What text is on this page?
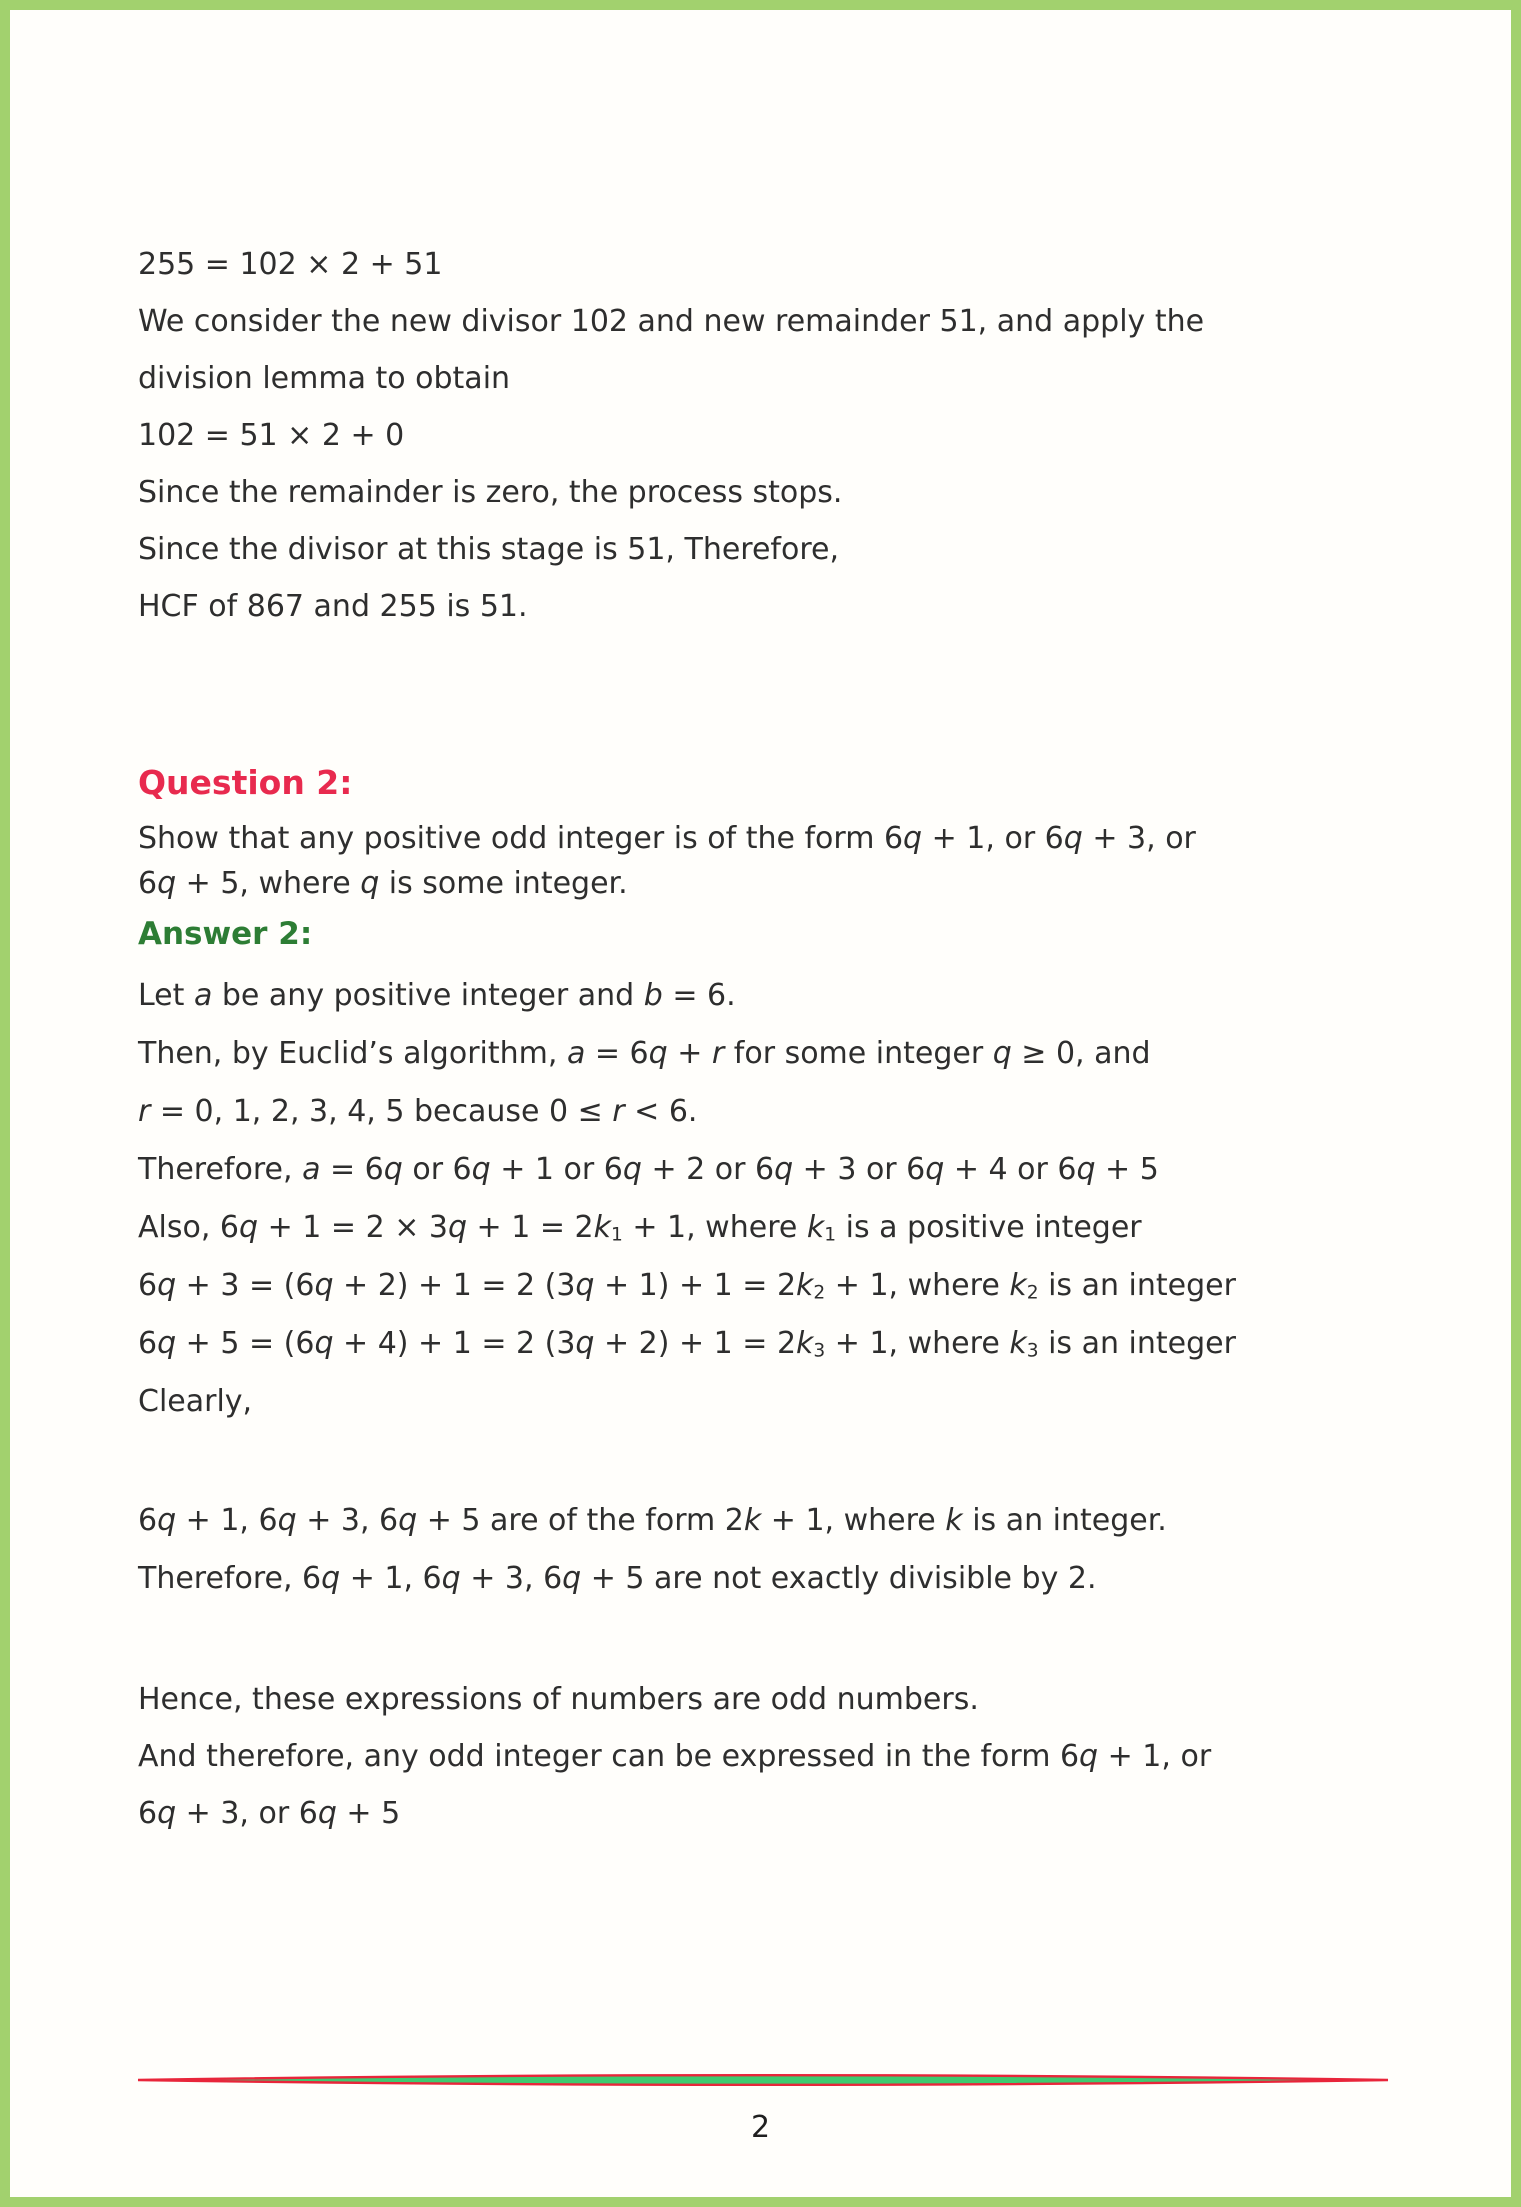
255 = 102 × 2 + 51

We consider the new divisor 102 and new remainder 51, and apply the

division lemma to obtain

102 = 51 × 2 + 0

Since the remainder is zero, the process stops.

Since the divisor at this stage is 51, Therefore,

HCF of 867 and 255 is 51.

Question 2:

Show that any positive odd integer is of the form 6q + 1, or 6q + 3, or

6q + 5, where q is some integer.

Answer 2:

Let a be any positive integer and b = 6.

Then, by Euclid’s algorithm, a = 6q + r for some integer q ≥ 0, and

r = 0, 1, 2, 3, 4, 5 because 0 ≤ r < 6.

Therefore, a = 6q or 6q + 1 or 6q + 2 or 6q + 3 or 6q + 4 or 6q + 5

Also, $6q + 1 = 2 \times 3q + 1 = 2k_1 + 1$, where $k_1$ is a positive integer

6q + 3 = (6q + 2) + 1 = 2 $(3q + 1) + 1 = 2k_2 + 1$, where $k_2$ is an integer

6q + 5 = (6q + 4) + 1 = 2 $(3q + 2) + 1 = 2k_3 + 1$, where $k_3$ is an integer

Clearly,

6q + 1, 6q + 3, 6q + 5 are of the form 2k + 1, where k is an integer.

Therefore, 6q + 1, 6q + 3, 6q + 5 are not exactly divisible by 2.

Hence, these expressions of numbers are odd numbers.

And therefore, any odd integer can be expressed in the form 6q + 1, or

6q + 3, or 6q + 5

2
